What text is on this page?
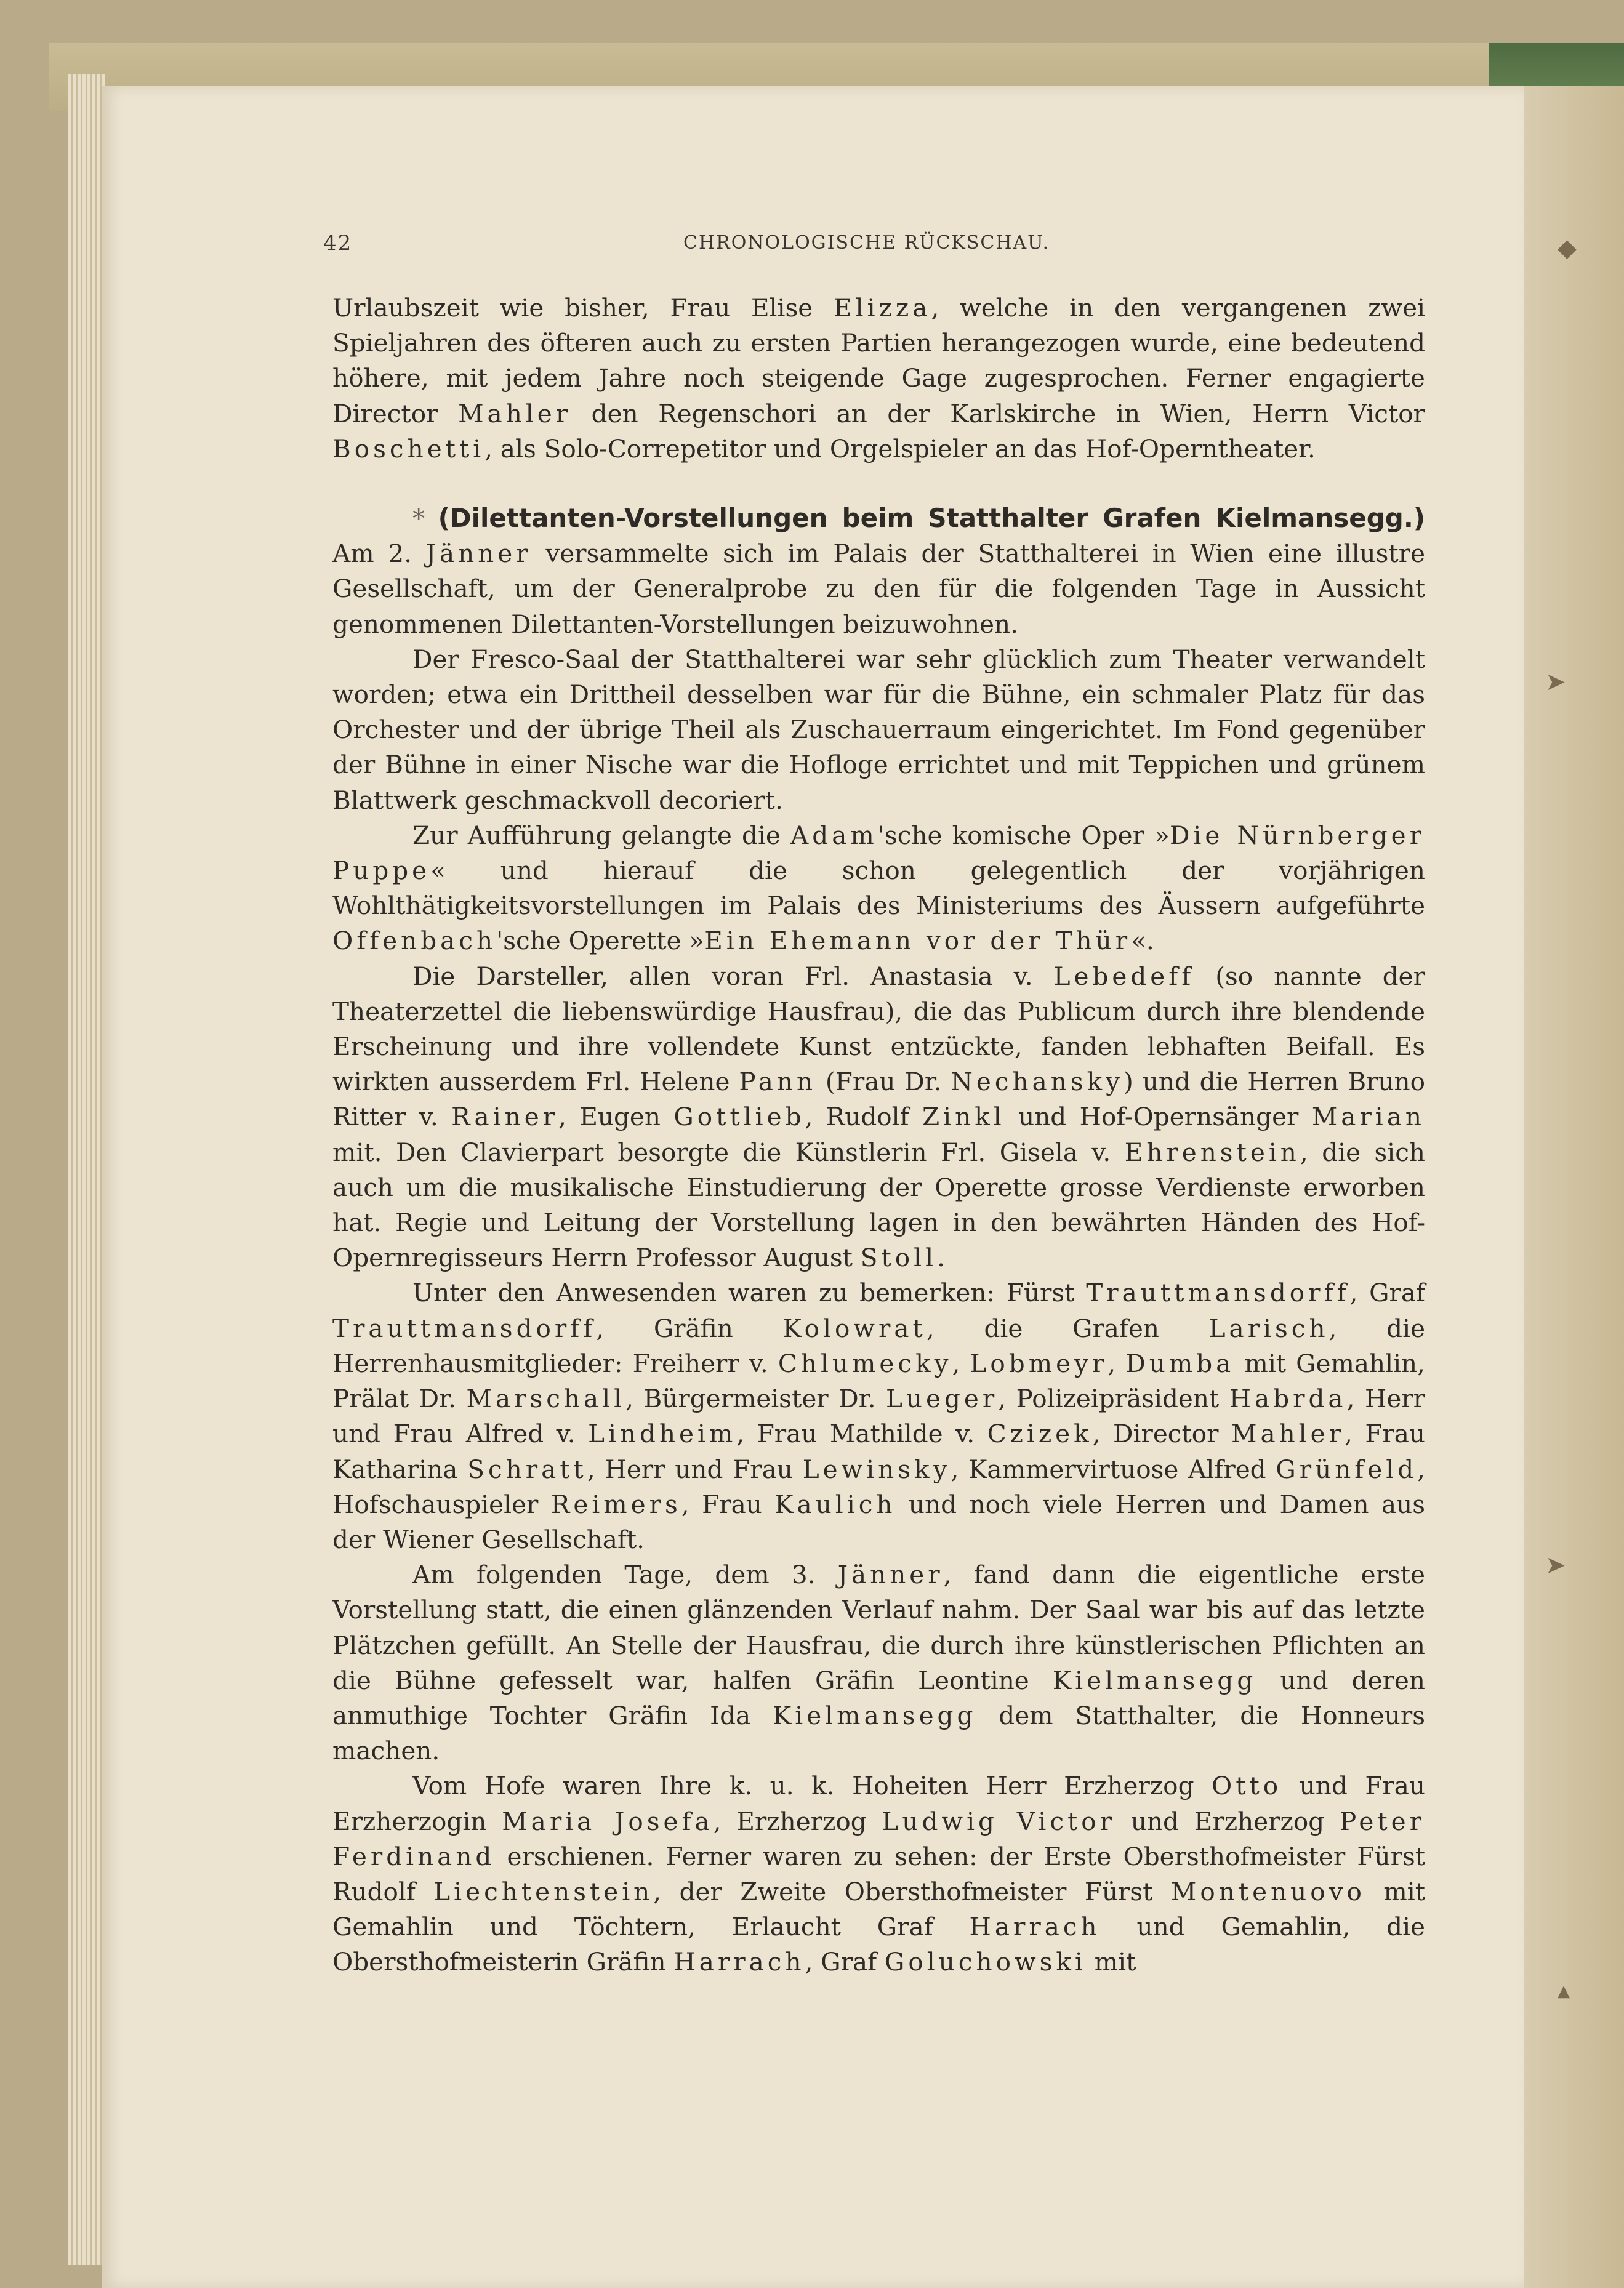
◆
➤
➤
▲
42	CHRONOLOGISCHE RÜCKSCHAU.

Urlaubszeit wie bisher, Frau Elise Elizza, welche in den vergangenen zwei Spieljahren des öfteren auch zu ersten Partien herangezogen wurde, eine bedeutend höhere, mit jedem Jahre noch steigende Gage zugesprochen. Ferner engagierte Director Mahler den Regenschori an der Karlskirche in Wien, Herrn Victor Boschetti, als Solo-Correpetitor und Orgelspieler an das Hof-Operntheater.

* (Dilettanten-Vorstellungen beim Statthalter Grafen Kielmansegg.) Am 2. Jänner versammelte sich im Palais der Statthalterei in Wien eine illustre Gesellschaft, um der Generalprobe zu den für die folgenden Tage in Aussicht genommenen Dilettanten-Vorstellungen beizuwohnen.

Der Fresco-Saal der Statthalterei war sehr glücklich zum Theater verwandelt worden; etwa ein Drittheil desselben war für die Bühne, ein schmaler Platz für das Orchester und der übrige Theil als Zuschauerraum eingerichtet. Im Fond gegenüber der Bühne in einer Nische war die Hofloge errichtet und mit Teppichen und grünem Blattwerk geschmackvoll decoriert.

Zur Aufführung gelangte die Adam'sche komische Oper »Die Nürnberger Puppe« und hierauf die schon gelegentlich der vorjährigen Wohlthätigkeitsvorstellungen im Palais des Ministeriums des Äussern aufgeführte Offenbach'sche Operette »Ein Ehemann vor der Thür«.

Die Darsteller, allen voran Frl. Anastasia v. Lebedeff (so nannte der Theaterzettel die liebenswürdige Hausfrau), die das Publicum durch ihre blendende Erscheinung und ihre vollendete Kunst entzückte, fanden lebhaften Beifall. Es wirkten ausserdem Frl. Helene Pann (Frau Dr. Nechansky) und die Herren Bruno Ritter v. Rainer, Eugen Gottlieb, Rudolf Zinkl und Hof-Opernsänger Marian mit. Den Clavierpart besorgte die Künstlerin Frl. Gisela v. Ehrenstein, die sich auch um die musikalische Einstudierung der Operette grosse Verdienste erworben hat. Regie und Leitung der Vorstellung lagen in den bewährten Händen des Hof-Opernregisseurs Herrn Professor August Stoll.

Unter den Anwesenden waren zu bemerken: Fürst Trauttmansdorff, Graf Trauttmansdorff, Gräfin Kolowrat, die Grafen Larisch, die Herrenhausmitglieder: Freiherr v. Chlumecky, Lobmeyr, Dumba mit Gemahlin, Prälat Dr. Marschall, Bürgermeister Dr. Lueger, Polizeipräsident Habrda, Herr und Frau Alfred v. Lindheim, Frau Mathilde v. Czizek, Director Mahler, Frau Katharina Schratt, Herr und Frau Lewinsky, Kammervirtuose Alfred Grünfeld, Hofschauspieler Reimers, Frau Kaulich und noch viele Herren und Damen aus der Wiener Gesellschaft.

Am folgenden Tage, dem 3. Jänner, fand dann die eigentliche erste Vorstellung statt, die einen glänzenden Verlauf nahm. Der Saal war bis auf das letzte Plätzchen gefüllt. An Stelle der Hausfrau, die durch ihre künstlerischen Pflichten an die Bühne gefesselt war, halfen Gräfin Leontine Kielmansegg und deren anmuthige Tochter Gräfin Ida Kielmansegg dem Statthalter, die Honneurs machen.

Vom Hofe waren Ihre k. u. k. Hoheiten Herr Erzherzog Otto und Frau Erzherzogin Maria Josefa, Erzherzog Ludwig Victor und Erzherzog Peter Ferdinand erschienen. Ferner waren zu sehen: der Erste Obersthofmeister Fürst Rudolf Liechtenstein, der Zweite Obersthofmeister Fürst Montenuovo mit Gemahlin und Töchtern, Erlaucht Graf Harrach und Gemahlin, die Obersthofmeisterin Gräfin Harrach, Graf Goluchowski mit
